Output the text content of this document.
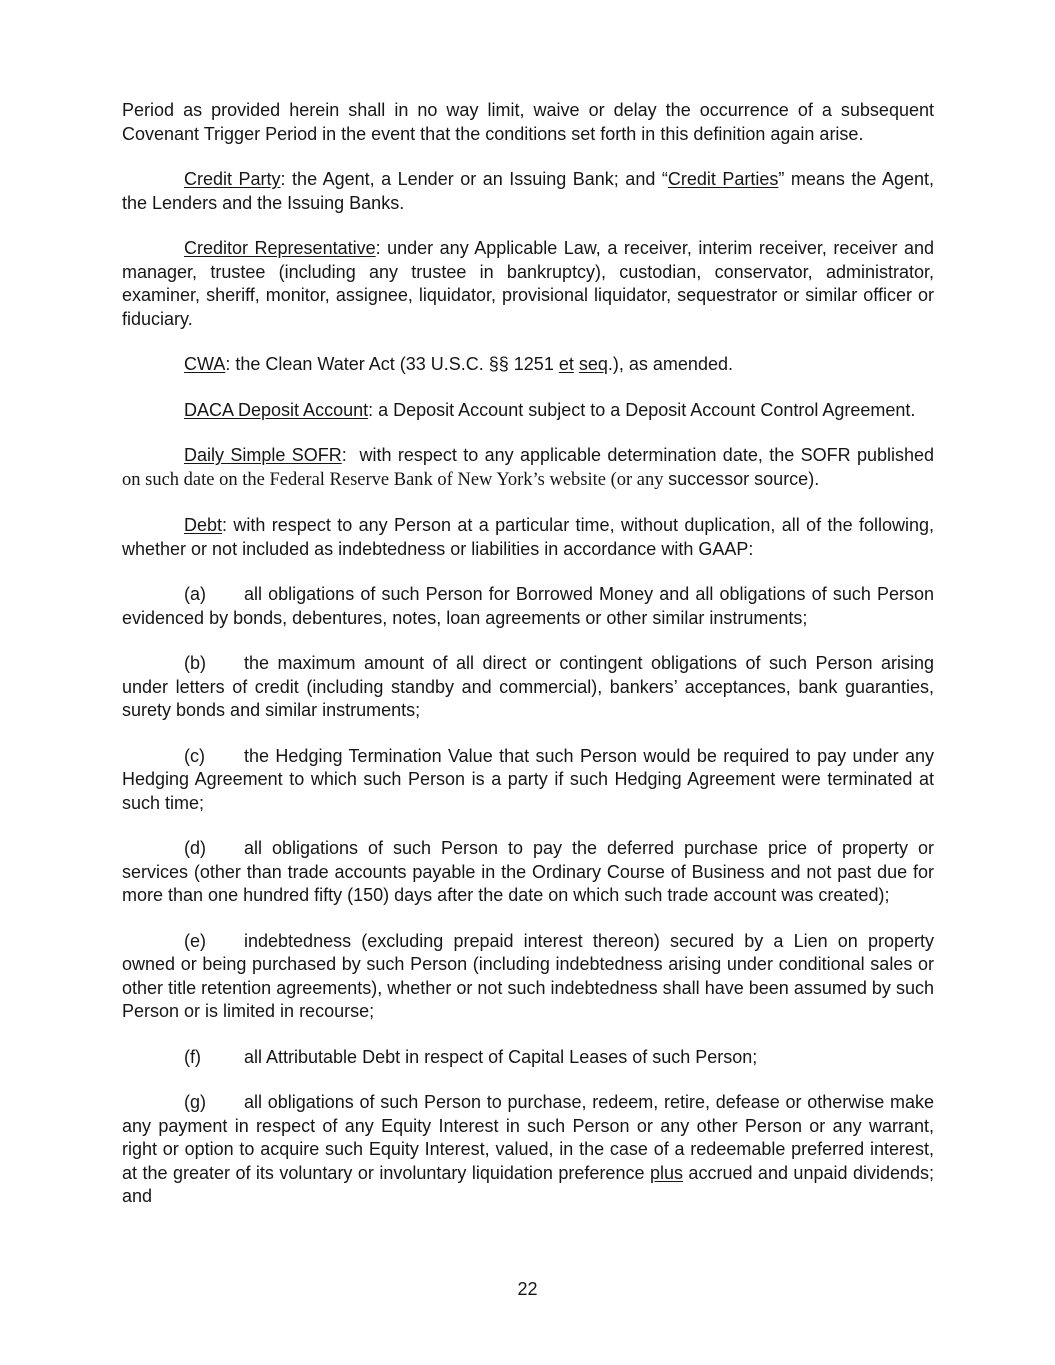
Period as provided herein shall in no way limit, waive or delay the occurrence of a subsequent Covenant Trigger Period in the event that the conditions set forth in this definition again arise.

Credit Party: the Agent, a Lender or an Issuing Bank; and “Credit Parties” means the Agent, the Lenders and the Issuing Banks.

Creditor Representative: under any Applicable Law, a receiver, interim receiver, receiver and manager, trustee (including any trustee in bankruptcy), custodian, conservator, administrator, examiner, sheriff, monitor, assignee, liquidator, provisional liquidator, sequestrator or similar officer or fiduciary.

CWA: the Clean Water Act (33 U.S.C. §§ 1251 et seq.), as amended.

DACA Deposit Account: a Deposit Account subject to a Deposit Account Control Agreement.

Daily Simple SOFR:  with respect to any applicable determination date, the SOFR published on such date on the Federal Reserve Bank of New York’s website (or any successor source).

Debt: with respect to any Person at a particular time, without duplication, all of the following, whether or not included as indebtedness or liabilities in accordance with GAAP:

(a) all obligations of such Person for Borrowed Money and all obligations of such Person evidenced by bonds, debentures, notes, loan agreements or other similar instruments;

(b) the maximum amount of all direct or contingent obligations of such Person arising under letters of credit (including standby and commercial), bankers’ acceptances, bank guaranties, surety bonds and similar instruments;

(c) the Hedging Termination Value that such Person would be required to pay under any Hedging Agreement to which such Person is a party if such Hedging Agreement were terminated at such time;

(d) all obligations of such Person to pay the deferred purchase price of property or services (other than trade accounts payable in the Ordinary Course of Business and not past due for more than one hundred fifty (150) days after the date on which such trade account was created);

(e) indebtedness (excluding prepaid interest thereon) secured by a Lien on property owned or being purchased by such Person (including indebtedness arising under conditional sales or other title retention agreements), whether or not such indebtedness shall have been assumed by such Person or is limited in recourse;

(f) all Attributable Debt in respect of Capital Leases of such Person;

(g) all obligations of such Person to purchase, redeem, retire, defease or otherwise make any payment in respect of any Equity Interest in such Person or any other Person or any warrant, right or option to acquire such Equity Interest, valued, in the case of a redeemable preferred interest, at the greater of its voluntary or involuntary liquidation preference plus accrued and unpaid dividends; and

22
